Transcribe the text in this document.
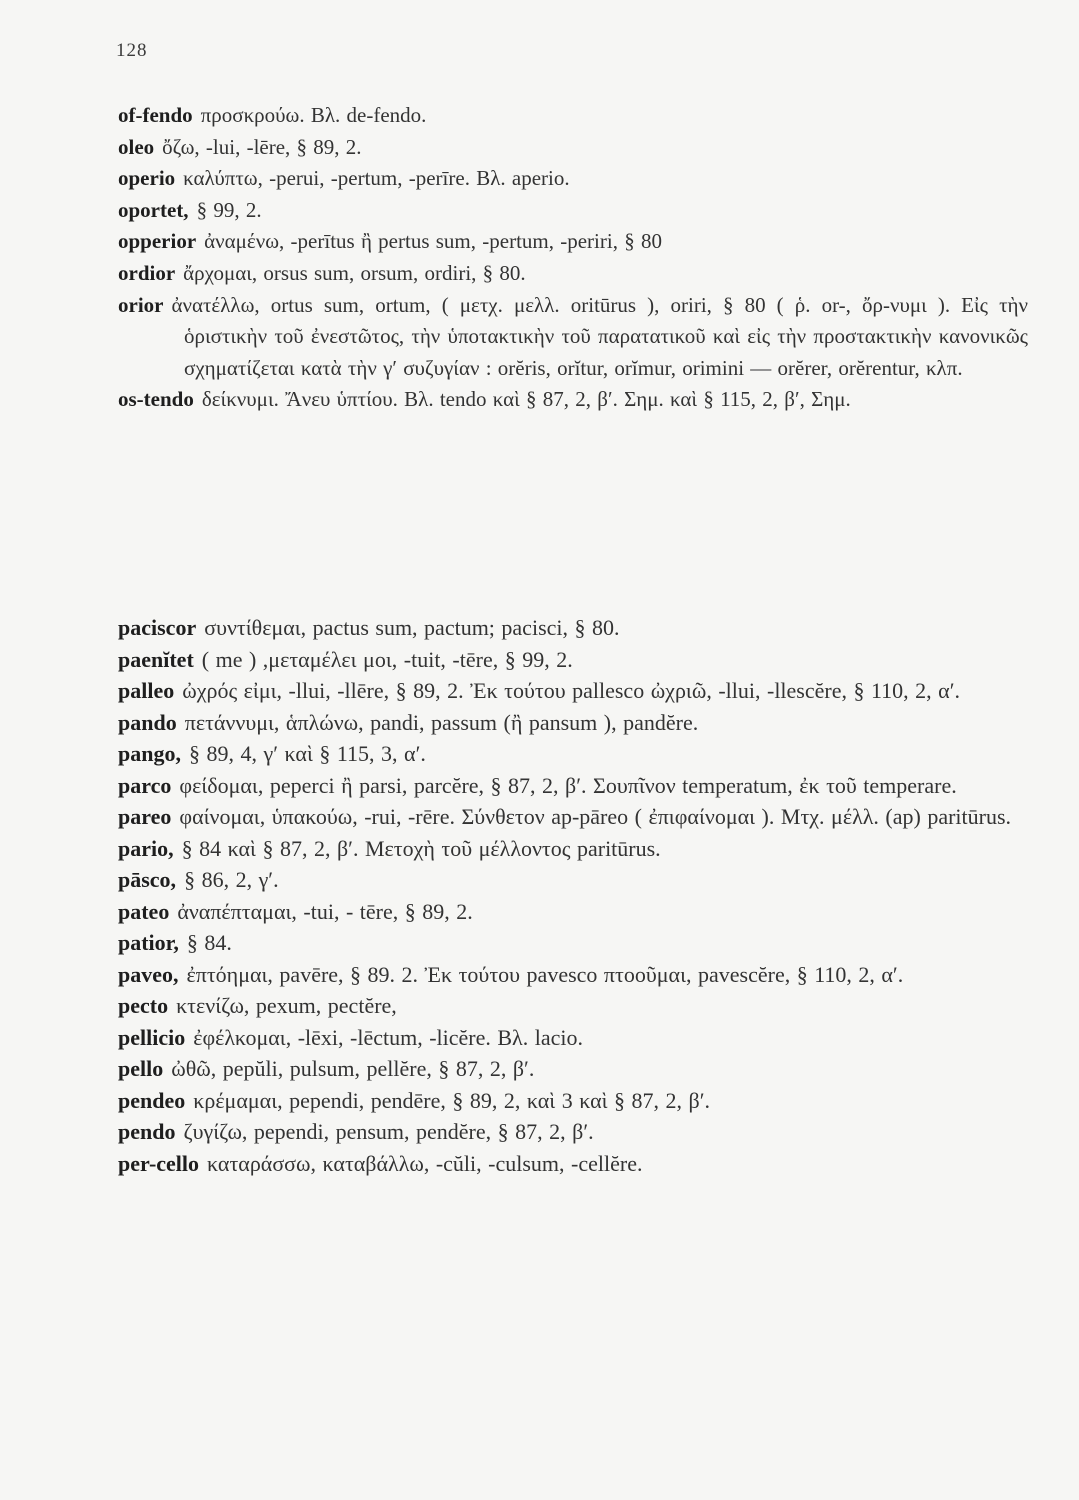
128

of-fendo προσκρούω. Βλ. de-fendo.

oleo ὄζω, -lui, -lēre, § 89, 2.

operio καλύπτω, -perui, -pertum, -perīre. Βλ. aperio.

oportet, § 99, 2.

opperior ἀναμένω, -perītus ἢ pertus sum, -pertum, -periri, § 80

ordior ἄρχομαι, orsus sum, orsum, ordiri, § 80.

orior ἀνατέλλω, ortus sum, ortum, ( μετχ. μελλ. oritūrus ), oriri, § 80 ( ῥ. or-, ὄρ-νυμι ). Εἰς τὴν ὁριστικὴν τοῦ ἐνεστῶτος, τὴν ὑποτακτικὴν τοῦ παρατατικοῦ καὶ εἰς τὴν προστακτικὴν κανονικῶς σχηματίζεται κατὰ τὴν γ′ συζυγίαν : orĕris, orĭtur, orĭmur, orimini — orĕrer, orĕrentur, κλπ.

os-tendo δείκνυμι. Ἄνευ ὑπτίου. Βλ. tendo καὶ § 87, 2, β′. Σημ. καὶ § 115, 2, β′, Σημ.

paciscor συντίθεμαι, pactus sum, pactum; pacisci, § 80.

paenĭtet ( me ) ,μεταμέλει μοι, -tuit, -tēre, § 99, 2.

palleo ὠχρός εἰμι, -llui, -llēre, § 89, 2. Ἐκ τούτου pallesco ὠχριῶ, -llui, -llescĕre, § 110, 2, α′.

pando πετάννυμι, ἁπλώνω, pandi, passum (ἢ pansum ), pandĕre.

pango, § 89, 4, γ′ καὶ § 115, 3, α′.

parco φείδομαι, peperci ἢ parsi, parcĕre, § 87, 2, β′. Σουπῖνον temperatum, ἐκ τοῦ temperare.

pareo φαίνομαι, ὑπακούω, -rui, -rēre. Σύνθετον ap-pāreo ( ἐπιφαίνομαι ). Μτχ. μέλλ. (ap) paritūrus.

pario, § 84 καὶ § 87, 2, β′. Μετοχὴ τοῦ μέλλοντος paritūrus.

pāsco, § 86, 2, γ′.

pateo ἀναπέπταμαι, -tui, - tēre, § 89, 2.

patior, § 84.

paveo, ἐπτόημαι, pavēre, § 89. 2. Ἐκ τούτου pavesco πτοοῦμαι, pavescĕre, § 110, 2, α′.

pecto κτενίζω, pexum, pectĕre,

pellicio ἐφέλκομαι, -lēxi, -lēctum, -licĕre. Βλ. lacio.

pello ὠθῶ, pepŭli, pulsum, pellĕre, § 87, 2, β′.

pendeo κρέμαμαι, pependi, pendēre, § 89, 2, καὶ 3 καὶ § 87, 2, β′.

pendo ζυγίζω, pependi, pensum, pendĕre, § 87, 2, β′.

per-cello καταράσσω, καταβάλλω, -cŭli, -culsum, -cellĕre.
